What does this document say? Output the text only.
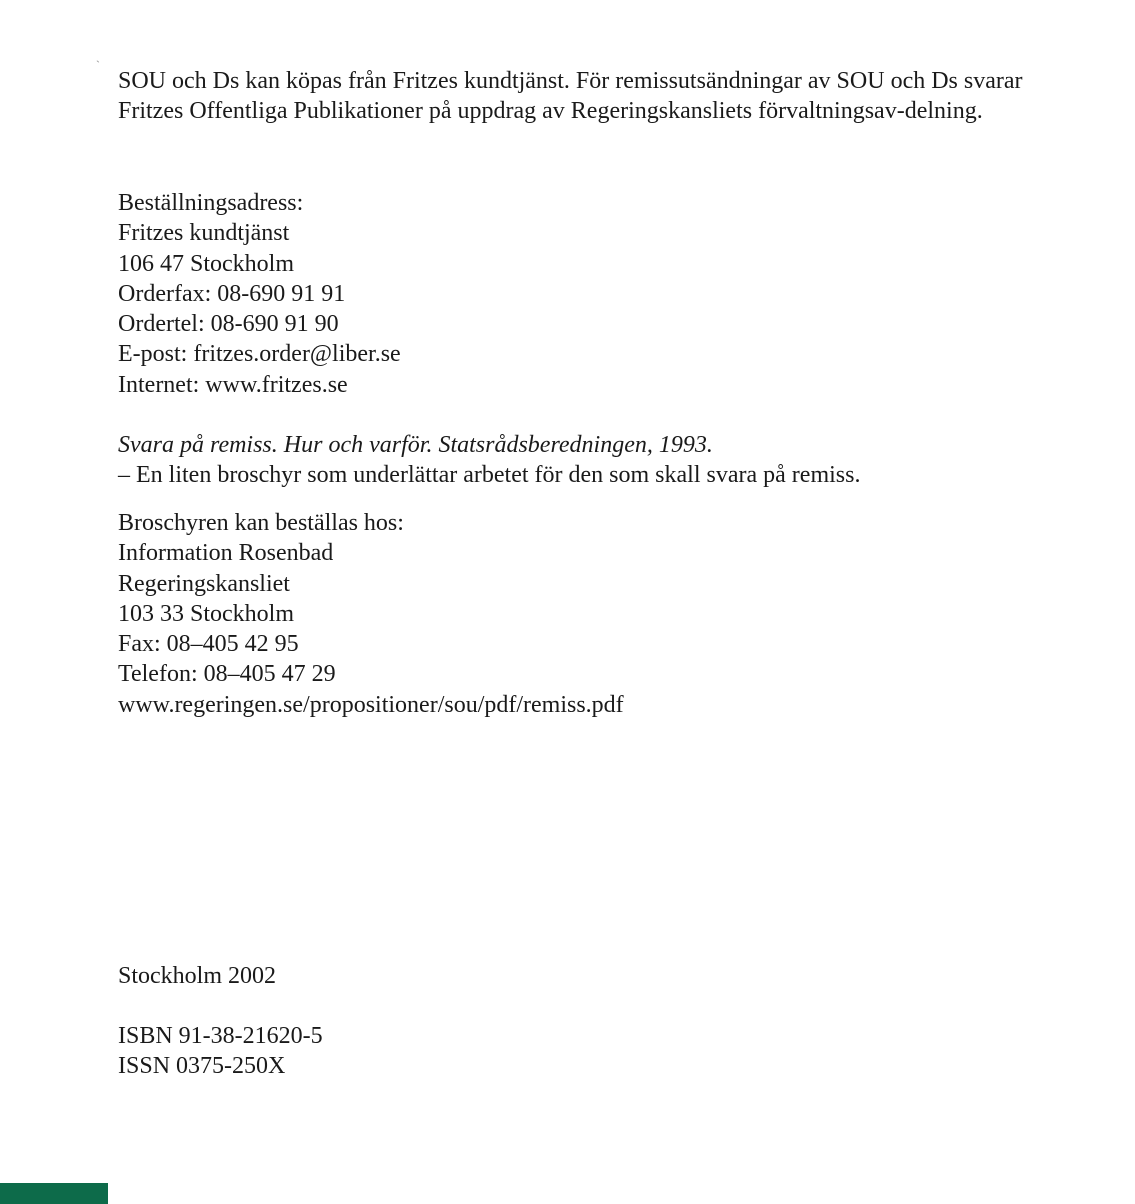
`

SOU och Ds kan köpas från Fritzes kundtjänst. För remissutsändningar av SOU och Ds svarar Fritzes Offentliga Publikationer på uppdrag av Regeringskansliets förvaltningsav-delning.

Beställningsadress:
Fritzes kundtjänst
106 47 Stockholm
Orderfax: 08-690 91 91
Ordertel: 08-690 91 90
E-post: fritzes.order@liber.se
Internet: www.fritzes.se
Svara på remiss. Hur och varför. Statsrådsberedningen, 1993.
– En liten broschyr som underlättar arbetet för den som skall svara på remiss.
Broschyren kan beställas hos:
Information Rosenbad
Regeringskansliet
103 33 Stockholm
Fax: 08–405 42 95
Telefon: 08–405 47 29
www.regeringen.se/propositioner/sou/pdf/remiss.pdf
Stockholm 2002
ISBN 91-38-21620-5
ISSN 0375-250X
